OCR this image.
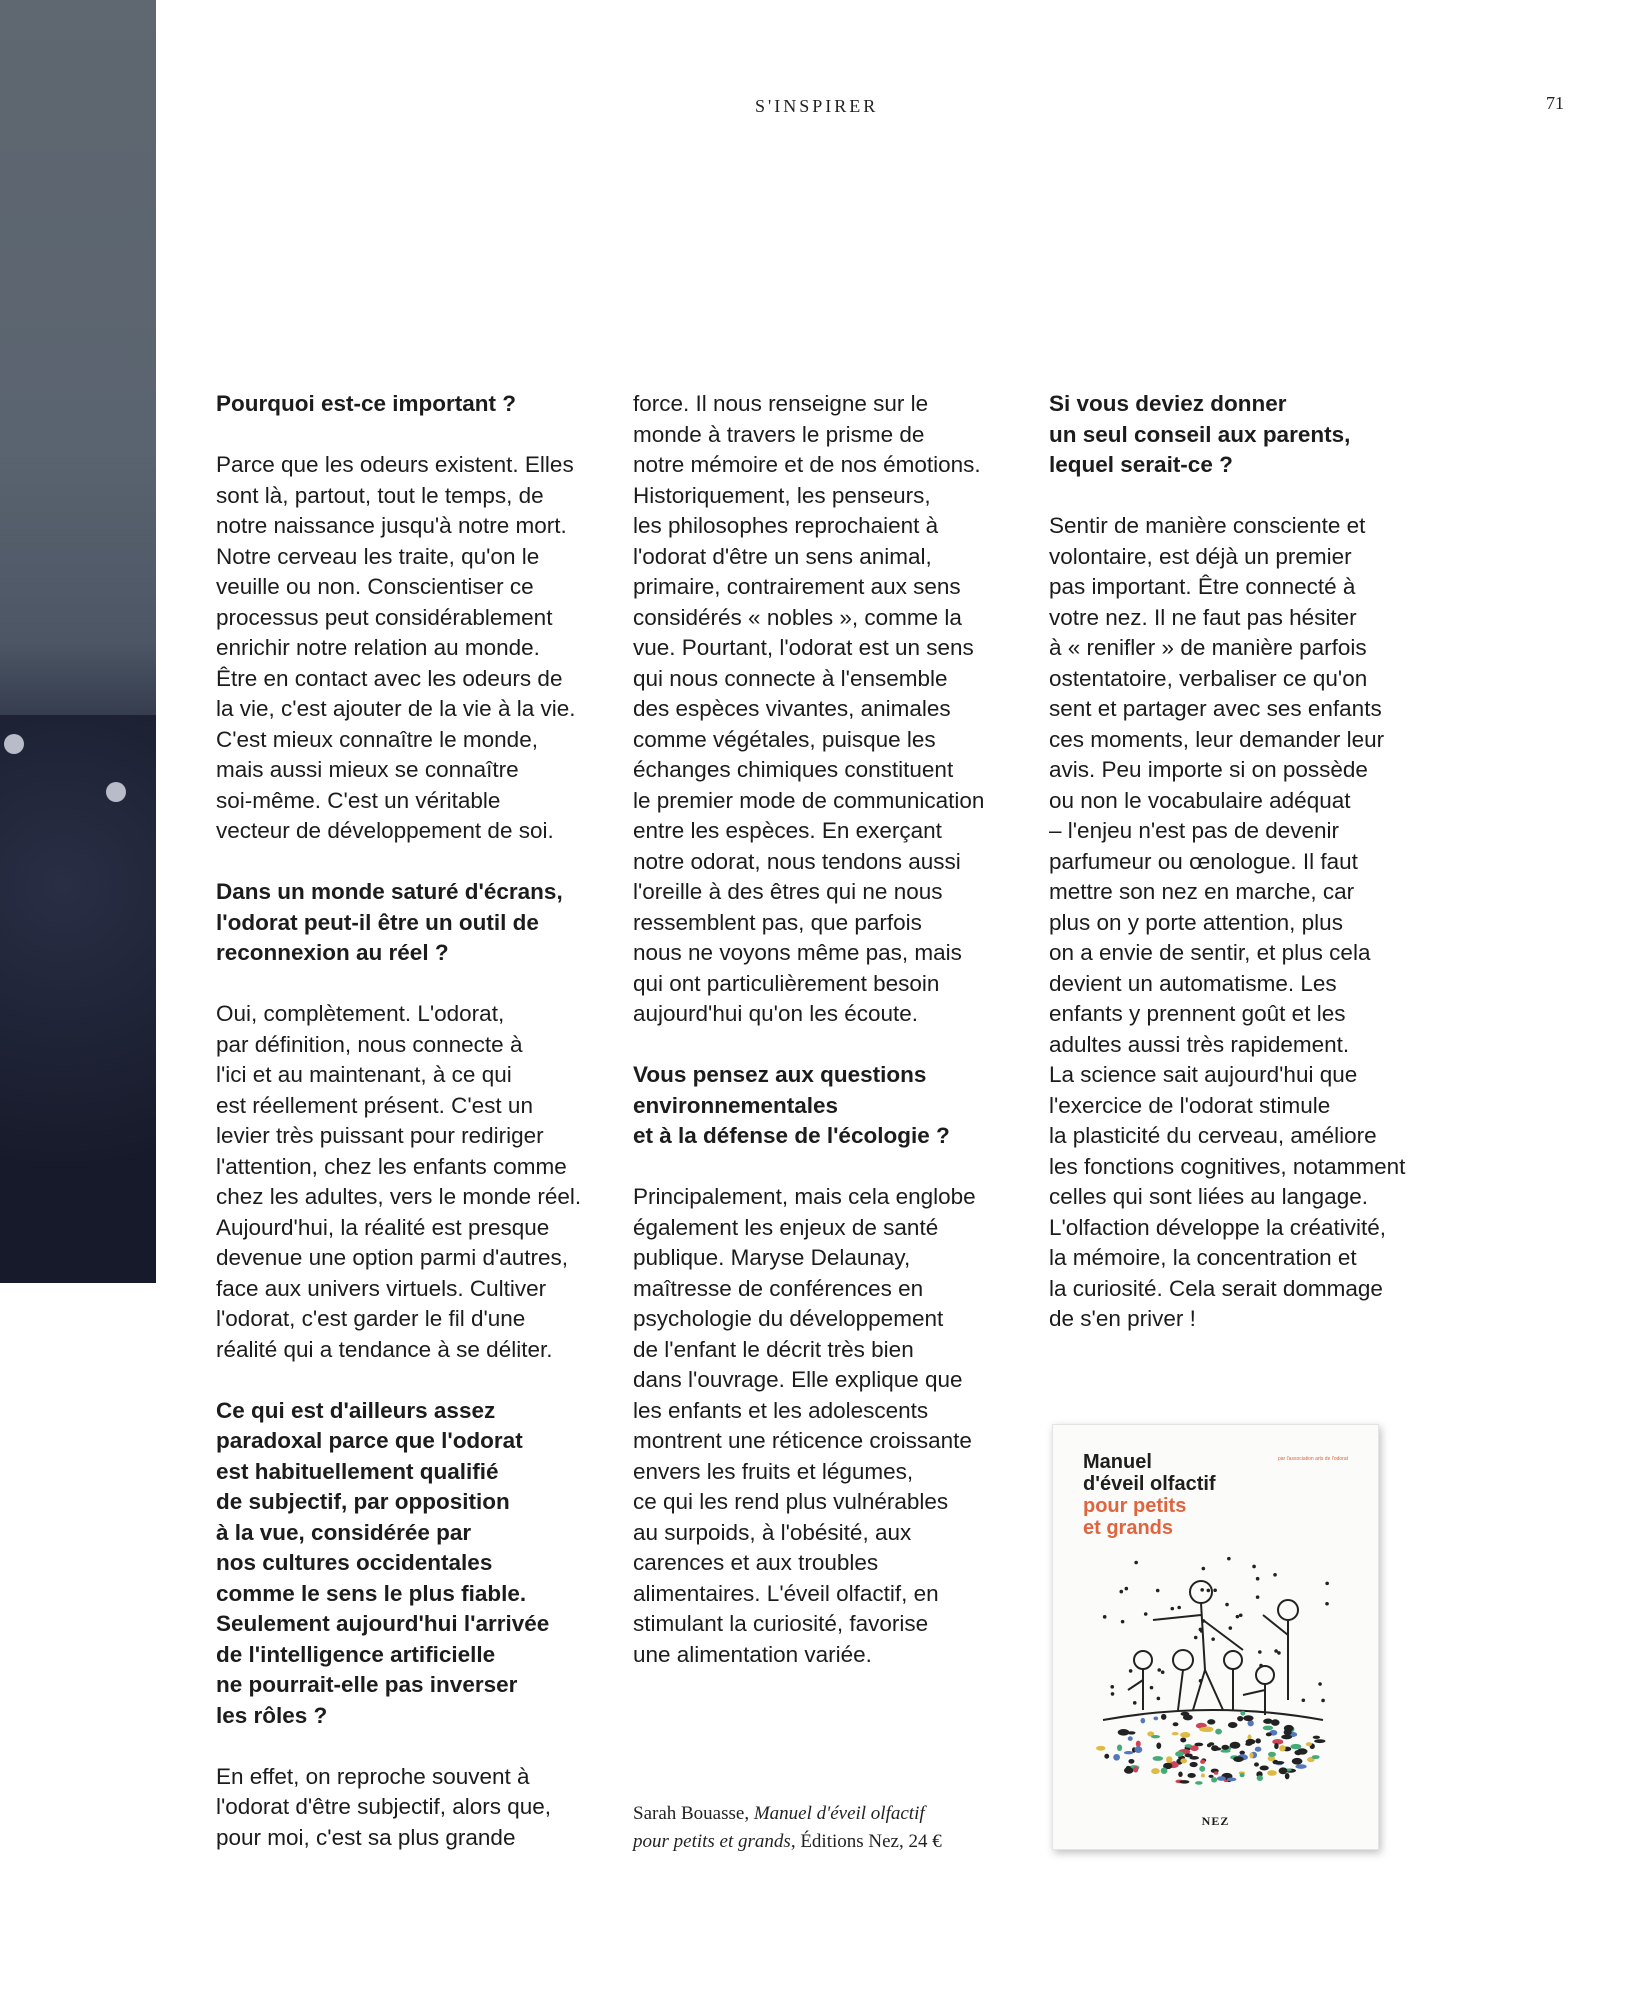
S'INSPIRER	71
Pourquoi est-ce important ?
Parce que les odeurs existent. Elles
sont là, partout, tout le temps, de
notre naissance jusqu'à notre mort.
Notre cerveau les traite, qu'on le
veuille ou non. Conscientiser ce
processus peut considérablement
enrichir notre relation au monde.
Être en contact avec les odeurs de
la vie, c'est ajouter de la vie à la vie.
C'est mieux connaître le monde,
mais aussi mieux se connaître
soi-même. C'est un véritable
vecteur de développement de soi.
Dans un monde saturé d'écrans,
l'odorat peut-il être un outil de
reconnexion au réel ?
Oui, complètement. L'odorat,
par définition, nous connecte à
l'ici et au maintenant, à ce qui
est réellement présent. C'est un
levier très puissant pour rediriger
l'attention, chez les enfants comme
chez les adultes, vers le monde réel.
Aujourd'hui, la réalité est presque
devenue une option parmi d'autres,
face aux univers virtuels. Cultiver
l'odorat, c'est garder le fil d'une
réalité qui a tendance à se déliter.
Ce qui est d'ailleurs assez
paradoxal parce que l'odorat
est habituellement qualifié
de subjectif, par opposition
à la vue, considérée par
nos cultures occidentales
comme le sens le plus fiable.
Seulement aujourd'hui l'arrivée
de l'intelligence artificielle
ne pourrait-elle pas inverser
les rôles ?
En effet, on reproche souvent à
l'odorat d'être subjectif, alors que,
pour moi, c'est sa plus grande
force. Il nous renseigne sur le
monde à travers le prisme de
notre mémoire et de nos émotions.
Historiquement, les penseurs,
les philosophes reprochaient à
l'odorat d'être un sens animal,
primaire, contrairement aux sens
considérés « nobles », comme la
vue. Pourtant, l'odorat est un sens
qui nous connecte à l'ensemble
des espèces vivantes, animales
comme végétales, puisque les
échanges chimiques constituent
le premier mode de communication
entre les espèces. En exerçant
notre odorat, nous tendons aussi
l'oreille à des êtres qui ne nous
ressemblent pas, que parfois
nous ne voyons même pas, mais
qui ont particulièrement besoin
aujourd'hui qu'on les écoute.
Vous pensez aux questions
environnementales
et à la défense de l'écologie ?
Principalement, mais cela englobe
également les enjeux de santé
publique. Maryse Delaunay,
maîtresse de conférences en
psychologie du développement
de l'enfant le décrit très bien
dans l'ouvrage. Elle explique que
les enfants et les adolescents
montrent une réticence croissante
envers les fruits et légumes,
ce qui les rend plus vulnérables
au surpoids, à l'obésité, aux
carences et aux troubles
alimentaires. L'éveil olfactif, en
stimulant la curiosité, favorise
une alimentation variée.
Si vous deviez donner
un seul conseil aux parents,
lequel serait-ce ?
Sentir de manière consciente et
volontaire, est déjà un premier
pas important. Être connecté à
votre nez. Il ne faut pas hésiter
à « renifler » de manière parfois
ostentatoire, verbaliser ce qu'on
sent et partager avec ses enfants
ces moments, leur demander leur
avis. Peu importe si on possède
ou non le vocabulaire adéquat
– l'enjeu n'est pas de devenir
parfumeur ou œnologue. Il faut
mettre son nez en marche, car
plus on y porte attention, plus
on a envie de sentir, et plus cela
devient un automatisme. Les
enfants y prennent goût et les
adultes aussi très rapidement.
La science sait aujourd'hui que
l'exercice de l'odorat stimule
la plasticité du cerveau, améliore
les fonctions cognitives, notamment
celles qui sont liées au langage.
L'olfaction développe la créativité,
la mémoire, la concentration et
la curiosité. Cela serait dommage
de s'en priver !
Manuel
d'éveil olfactif
pour petits
et grands
par l'association arts de l'odorat
NEZ
Sarah Bouasse, Manuel d'éveil olfactif
pour petits et grands, Éditions Nez, 24 €
